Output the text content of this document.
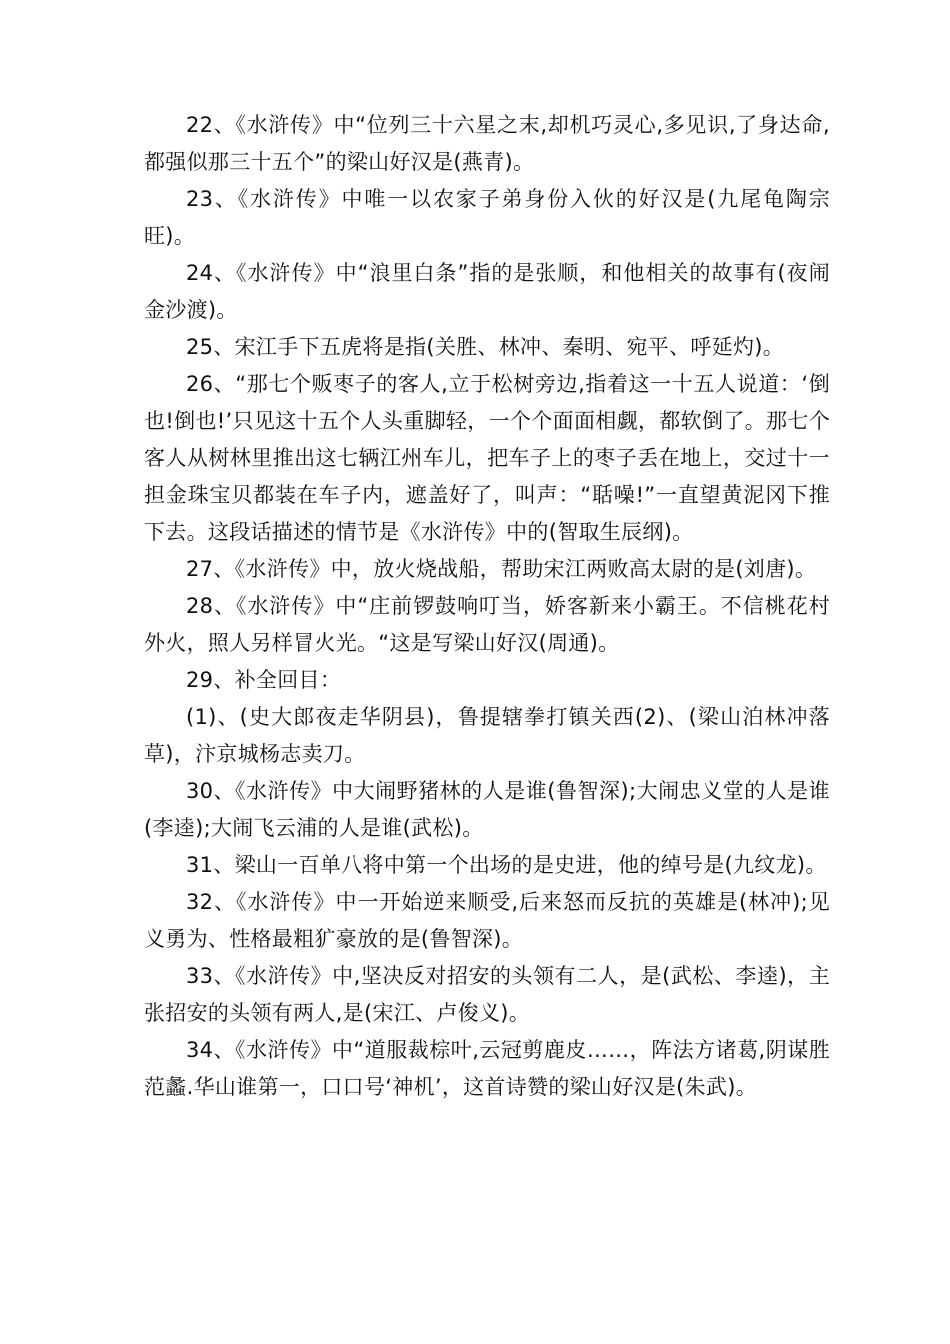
22、《水浒传》中“位列三十六星之末,却机巧灵心,多见识,了身达命,都强似那三十五个”的梁山好汉是(燕青)。

23、《水浒传》中唯一以农家子弟身份入伙的好汉是(九尾龟陶宗旺)。

24、《水浒传》中“浪里白条”指的是张顺，和他相关的故事有(夜闹金沙渡)。

25、宋江手下五虎将是指(关胜、林冲、秦明、宛平、呼延灼)。

26、“那七个贩枣子的客人,立于松树旁边,指着这一十五人说道：‘倒也!倒也!’只见这十五个人头重脚轻，一个个面面相觑，都软倒了。那七个客人从树林里推出这七辆江州车儿，把车子上的枣子丢在地上，交过十一担金珠宝贝都装在车子内，遮盖好了，叫声：“聒噪!”一直望黄泥冈下推下去。这段话描述的情节是《水浒传》中的(智取生辰纲)。

27、《水浒传》中，放火烧战船，帮助宋江两败高太尉的是(刘唐)。

28、《水浒传》中“庄前锣鼓响叮当，娇客新来小霸王。不信桃花村外火，照人另样冒火光。“这是写梁山好汉(周通)。

29、补全回目：

(1)、(史大郎夜走华阴县)，鲁提辖拳打镇关西(2)、(梁山泊林冲落草)，汴京城杨志卖刀。

30、《水浒传》中大闹野猪林的人是谁(鲁智深);大闹忠义堂的人是谁(李逵);大闹飞云浦的人是谁(武松)。

31、梁山一百单八将中第一个出场的是史进，他的绰号是(九纹龙)。

32、《水浒传》中一开始逆来顺受,后来怒而反抗的英雄是(林冲);见义勇为、性格最粗犷豪放的是(鲁智深)。

33、《水浒传》中,坚决反对招安的头领有二人，是(武松、李逵)，主张招安的头领有两人,是(宋江、卢俊义)。

34、《水浒传》中“道服裁棕叶,云冠剪鹿皮……，阵法方诸葛,阴谋胜范蠡.华山谁第一，口口号‘神机’，这首诗赞的梁山好汉是(朱武)。
